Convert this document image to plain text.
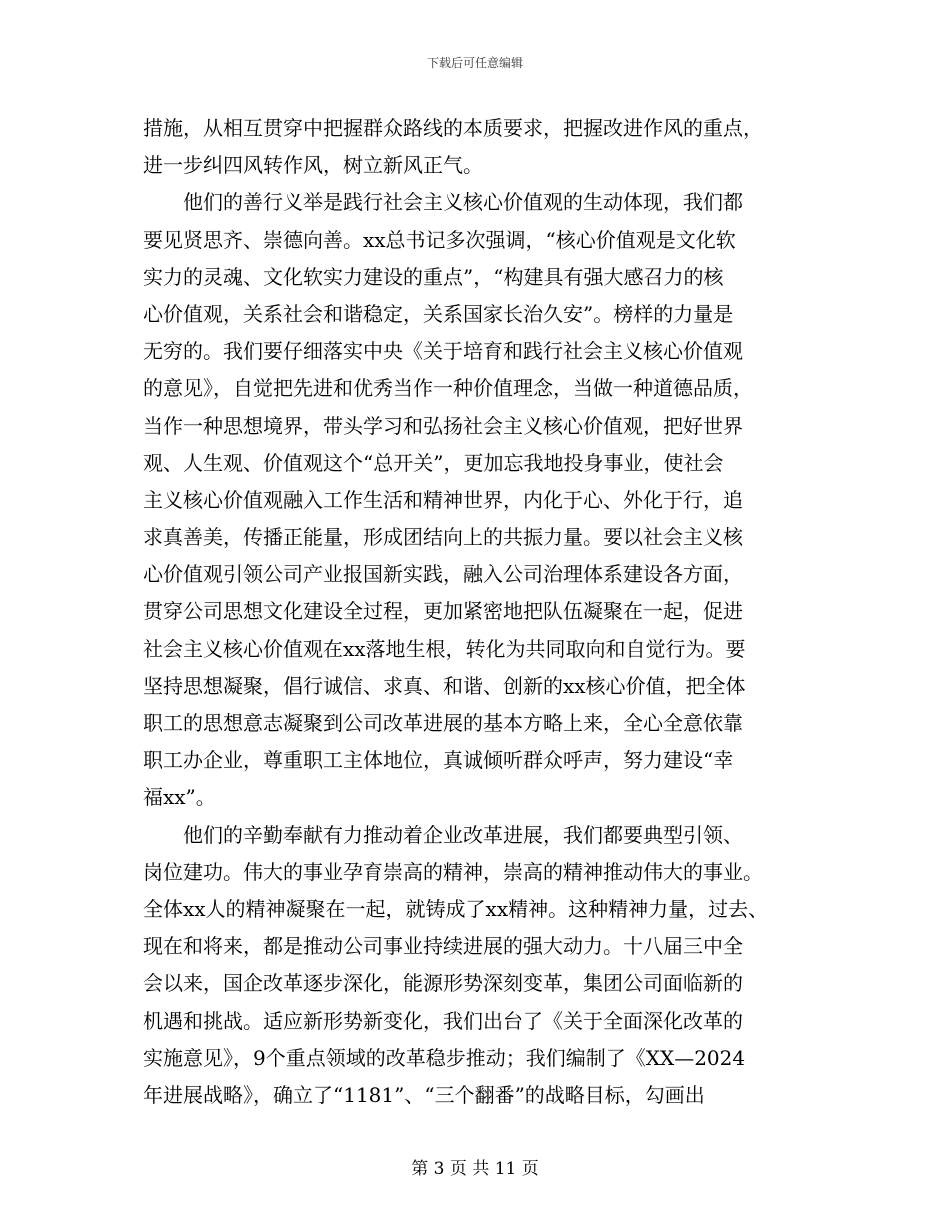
下载后可任意编辑
措施，从相互贯穿中把握群众路线的本质要求，把握改进作风的重点，
进一步纠四风转作风，树立新风正气。
他们的善行义举是践行社会主义核心价值观的生动体现，我们都
要见贤思齐、崇德向善。xx总书记多次强调，“核心价值观是文化软
实力的灵魂、文化软实力建设的重点”，“构建具有强大感召力的核
心价值观，关系社会和谐稳定，关系国家长治久安”。榜样的力量是
无穷的。我们要仔细落实中央《关于培育和践行社会主义核心价值观
的意见》，自觉把先进和优秀当作一种价值理念，当做一种道德品质，
当作一种思想境界，带头学习和弘扬社会主义核心价值观，把好世界
观、人生观、价值观这个“总开关”，更加忘我地投身事业，使社会
主义核心价值观融入工作生活和精神世界，内化于心、外化于行，追
求真善美，传播正能量，形成团结向上的共振力量。要以社会主义核
心价值观引领公司产业报国新实践，融入公司治理体系建设各方面，
贯穿公司思想文化建设全过程，更加紧密地把队伍凝聚在一起，促进
社会主义核心价值观在xx落地生根，转化为共同取向和自觉行为。要
坚持思想凝聚，倡行诚信、求真、和谐、创新的xx核心价值，把全体
职工的思想意志凝聚到公司改革进展的基本方略上来，全心全意依靠
职工办企业，尊重职工主体地位，真诚倾听群众呼声，努力建设“幸
福xx”。
他们的辛勤奉献有力推动着企业改革进展，我们都要典型引领、
岗位建功。伟大的事业孕育崇高的精神，崇高的精神推动伟大的事业。
全体xx人的精神凝聚在一起，就铸成了xx精神。这种精神力量，过去、
现在和将来，都是推动公司事业持续进展的强大动力。十八届三中全
会以来，国企改革逐步深化，能源形势深刻变革，集团公司面临新的
机遇和挑战。适应新形势新变化，我们出台了《关于全面深化改革的
实施意见》，9个重点领域的改革稳步推动；我们编制了《XX—2024
年进展战略》，确立了“1181”、“三个翻番”的战略目标，勾画出
第 3 页 共 11 页
